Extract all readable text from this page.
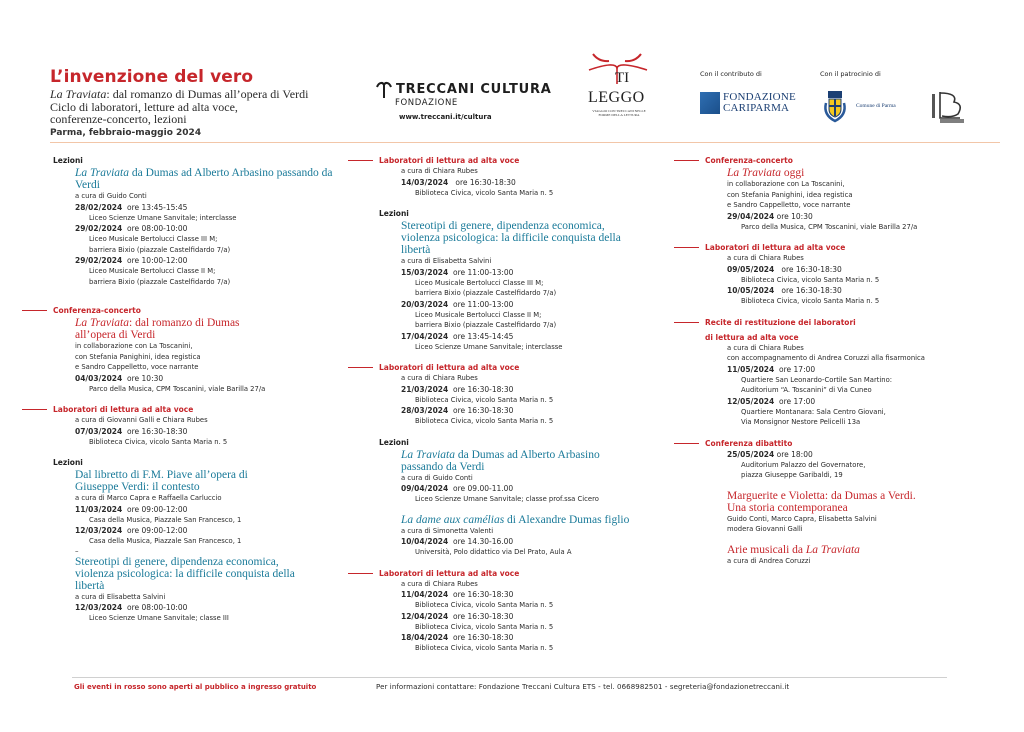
L’invenzione del vero
La Traviata: dal romanzo di Dumas all’opera di Verdi
Ciclo di laboratori, letture ad alta voce,
conferenze-concerto, lezioni
Parma, febbraio-maggio 2024
TRECCANI CULTURA
FONDAZIONE
www.treccani.it/cultura
TI
LEGGO
VIAGGIO CON TRECCANI NELLE FORME DELLA LETTURA
Con il contributo di	Con il patrocinio di
FONDAZIONE
CARIPARMA	Comune di Parma
Lezioni
La Traviata da Dumas ad Alberto Arbasino passando da Verdi
a cura di Guido Conti
28/02/2024 ore 13:45-15:45
Liceo Scienze Umane Sanvitale; interclasse
29/02/2024 ore 08:00-10:00
Liceo Musicale Bertolucci Classe III M;
barriera Bixio (piazzale Castelfidardo 7/a)
29/02/2024 ore 10:00-12:00
Liceo Musicale Bertolucci Classe II M;
barriera Bixio (piazzale Castelfidardo 7/a)
Conferenza-concerto
La Traviata: dal romanzo di Dumas all’opera di Verdi
in collaborazione con La Toscanini,
con Stefania Panighini, idea registica
e Sandro Cappelletto, voce narrante
04/03/2024 ore 10:30
Parco della Musica, CPM Toscanini, viale Barilla 27/a
Laboratori di lettura ad alta voce
a cura di Giovanni Galli e Chiara Rubes
07/03/2024 ore 16:30-18:30
Biblioteca Civica, vicolo Santa Maria n. 5
Lezioni
Dal libretto di F.M. Piave all’opera di Giuseppe Verdi: il contesto
a cura di Marco Capra e Raffaella Carluccio
11/03/2024 ore 09:00-12:00
Casa della Musica, Piazzale San Francesco, 1
12/03/2024 ore 09:00-12:00
Casa della Musica, Piazzale San Francesco, 1
–
Stereotipi di genere, dipendenza economica, violenza psicologica: la difficile conquista della libertà
a cura di Elisabetta Salvini
12/03/2024 ore 08:00-10:00
Liceo Scienze Umane Sanvitale; classe III
Laboratori di lettura ad alta voce
a cura di Chiara Rubes
14/03/2024 ore 16:30-18:30
Biblioteca Civica, vicolo Santa Maria n. 5
Lezioni
Stereotipi di genere, dipendenza economica, violenza psicologica: la difficile conquista della libertà
a cura di Elisabetta Salvini
15/03/2024 ore 11:00-13:00
Liceo Musicale Bertolucci Classe III M;
barriera Bixio (piazzale Castelfidardo 7/a)
20/03/2024 ore 11:00-13:00
Liceo Musicale Bertolucci Classe II M;
barriera Bixio (piazzale Castelfidardo 7/a)
17/04/2024 ore 13:45-14:45
Liceo Scienze Umane Sanvitale; interclasse
Laboratori di lettura ad alta voce
a cura di Chiara Rubes
21/03/2024 ore 16:30-18:30
Biblioteca Civica, vicolo Santa Maria n. 5
28/03/2024 ore 16:30-18:30
Biblioteca Civica, vicolo Santa Maria n. 5
Lezioni
La Traviata da Dumas ad Alberto Arbasino passando da Verdi
a cura di Guido Conti
09/04/2024 ore 09.00-11.00
Liceo Scienze Umane Sanvitale; classe prof.ssa Cicero
La dame aux camélias di Alexandre Dumas figlio
a cura di Simonetta Valenti
10/04/2024 ore 14.30-16.00
Università, Polo didattico via Del Prato, Aula A
Laboratori di lettura ad alta voce
a cura di Chiara Rubes
11/04/2024 ore 16:30-18:30
Biblioteca Civica, vicolo Santa Maria n. 5
12/04/2024 ore 16:30-18:30
Biblioteca Civica, vicolo Santa Maria n. 5
18/04/2024 ore 16:30-18:30
Biblioteca Civica, vicolo Santa Maria n. 5
Conferenza-concerto
La Traviata oggi
in collaborazione con La Toscanini,
con Stefania Panighini, idea registica
e Sandro Cappelletto, voce narrante
29/04/2024 ore 10:30
Parco della Musica, CPM Toscanini, viale Barilla 27/a
Laboratori di lettura ad alta voce
a cura di Chiara Rubes
09/05/2024 ore 16:30-18:30
Biblioteca Civica, vicolo Santa Maria n. 5
10/05/2024 ore 16:30-18:30
Biblioteca Civica, vicolo Santa Maria n. 5
Recite di restituzione dei laboratori
di lettura ad alta voce
a cura di Chiara Rubes
con accompagnamento di Andrea Coruzzi alla fisarmonica
11/05/2024 ore 17:00
Quartiere San Leonardo-Cortile San Martino:
Auditorium “A. Toscanini” di Via Cuneo
12/05/2024 ore 17:00
Quartiere Montanara: Sala Centro Giovani,
Via Monsignor Nestore Pelicelli 13a
Conferenza dibattito
25/05/2024 ore 18:00
Auditorium Palazzo del Governatore,
piazza Giuseppe Garibaldi, 19
Marguerite e Violetta: da Dumas a Verdi. Una storia contemporanea
Guido Conti, Marco Capra, Elisabetta Salvini
modera Giovanni Galli
Arie musicali da La Traviata
a cura di Andrea Coruzzi
Gli eventi in rosso sono aperti al pubblico a ingresso gratuito	Per informazioni contattare: Fondazione Treccani Cultura ETS - tel. 0668982501 - segreteria@fondazionetreccani.it
